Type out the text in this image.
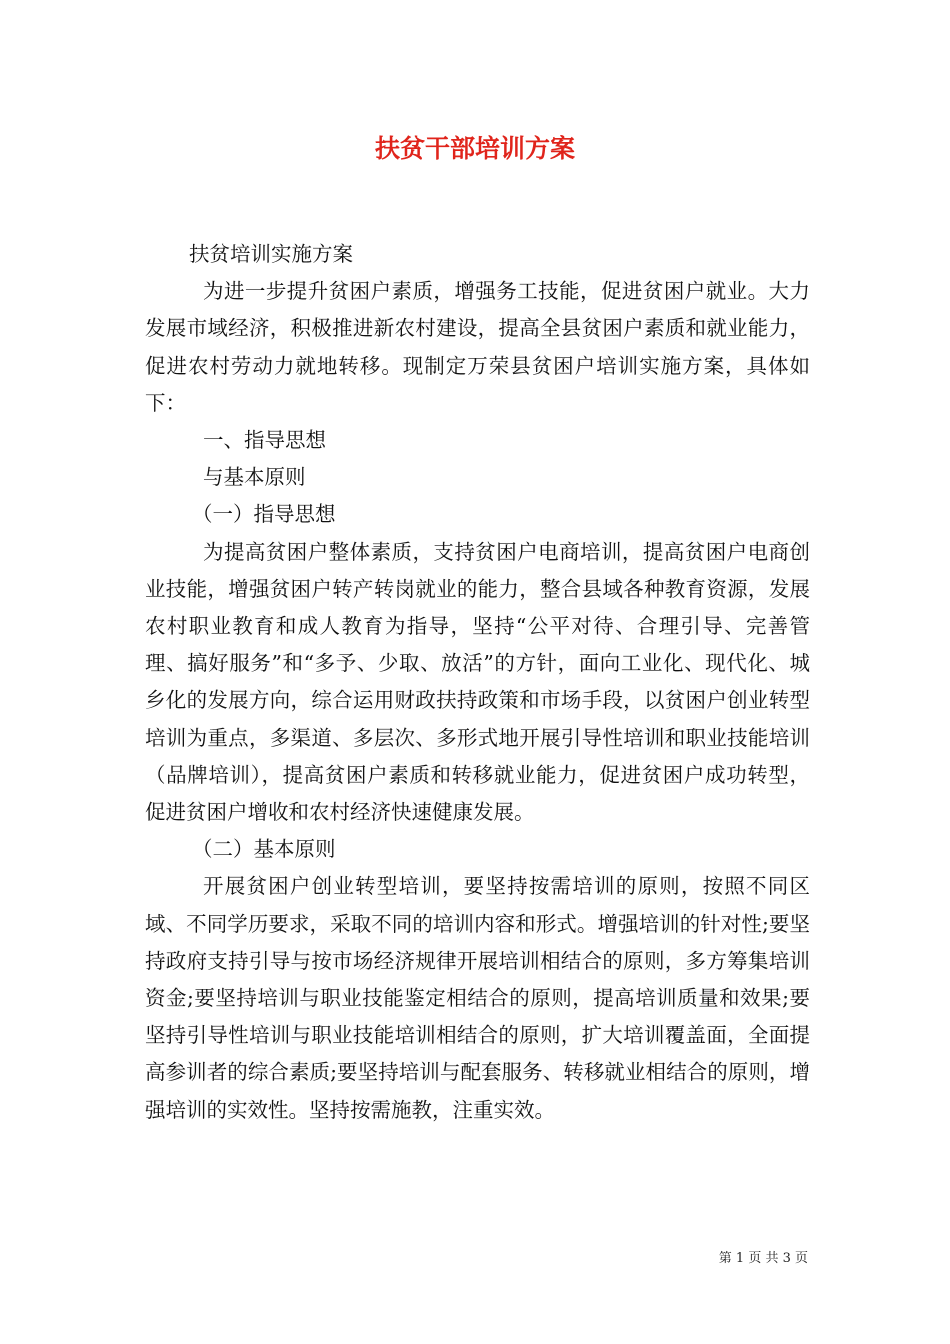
扶贫干部培训方案

扶贫培训实施方案

为进一步提升贫困户素质，增强务工技能，促进贫困户就业。大力发展市域经济，积极推进新农村建设，提高全县贫困户素质和就业能力，促进农村劳动力就地转移。现制定万荣县贫困户培训实施方案，具体如下：

一、指导思想

与基本原则

（一）指导思想

为提高贫困户整体素质，支持贫困户电商培训，提高贫困户电商创业技能，增强贫困户转产转岗就业的能力，整合县域各种教育资源，发展农村职业教育和成人教育为指导，坚持“公平对待、合理引导、完善管理、搞好服务”和“多予、少取、放活”的方针，面向工业化、现代化、城乡化的发展方向，综合运用财政扶持政策和市场手段，以贫困户创业转型培训为重点，多渠道、多层次、多形式地开展引导性培训和职业技能培训（品牌培训），提高贫困户素质和转移就业能力，促进贫困户成功转型，促进贫困户增收和农村经济快速健康发展。

（二）基本原则

开展贫困户创业转型培训，要坚持按需培训的原则，按照不同区域、不同学历要求，采取不同的培训内容和形式。增强培训的针对性;要坚持政府支持引导与按市场经济规律开展培训相结合的原则，多方筹集培训资金;要坚持培训与职业技能鉴定相结合的原则，提高培训质量和效果;要坚持引导性培训与职业技能培训相结合的原则，扩大培训覆盖面，全面提高参训者的综合素质;要坚持培训与配套服务、转移就业相结合的原则，增强培训的实效性。坚持按需施教，注重实效。

第 1 页 共 3 页
